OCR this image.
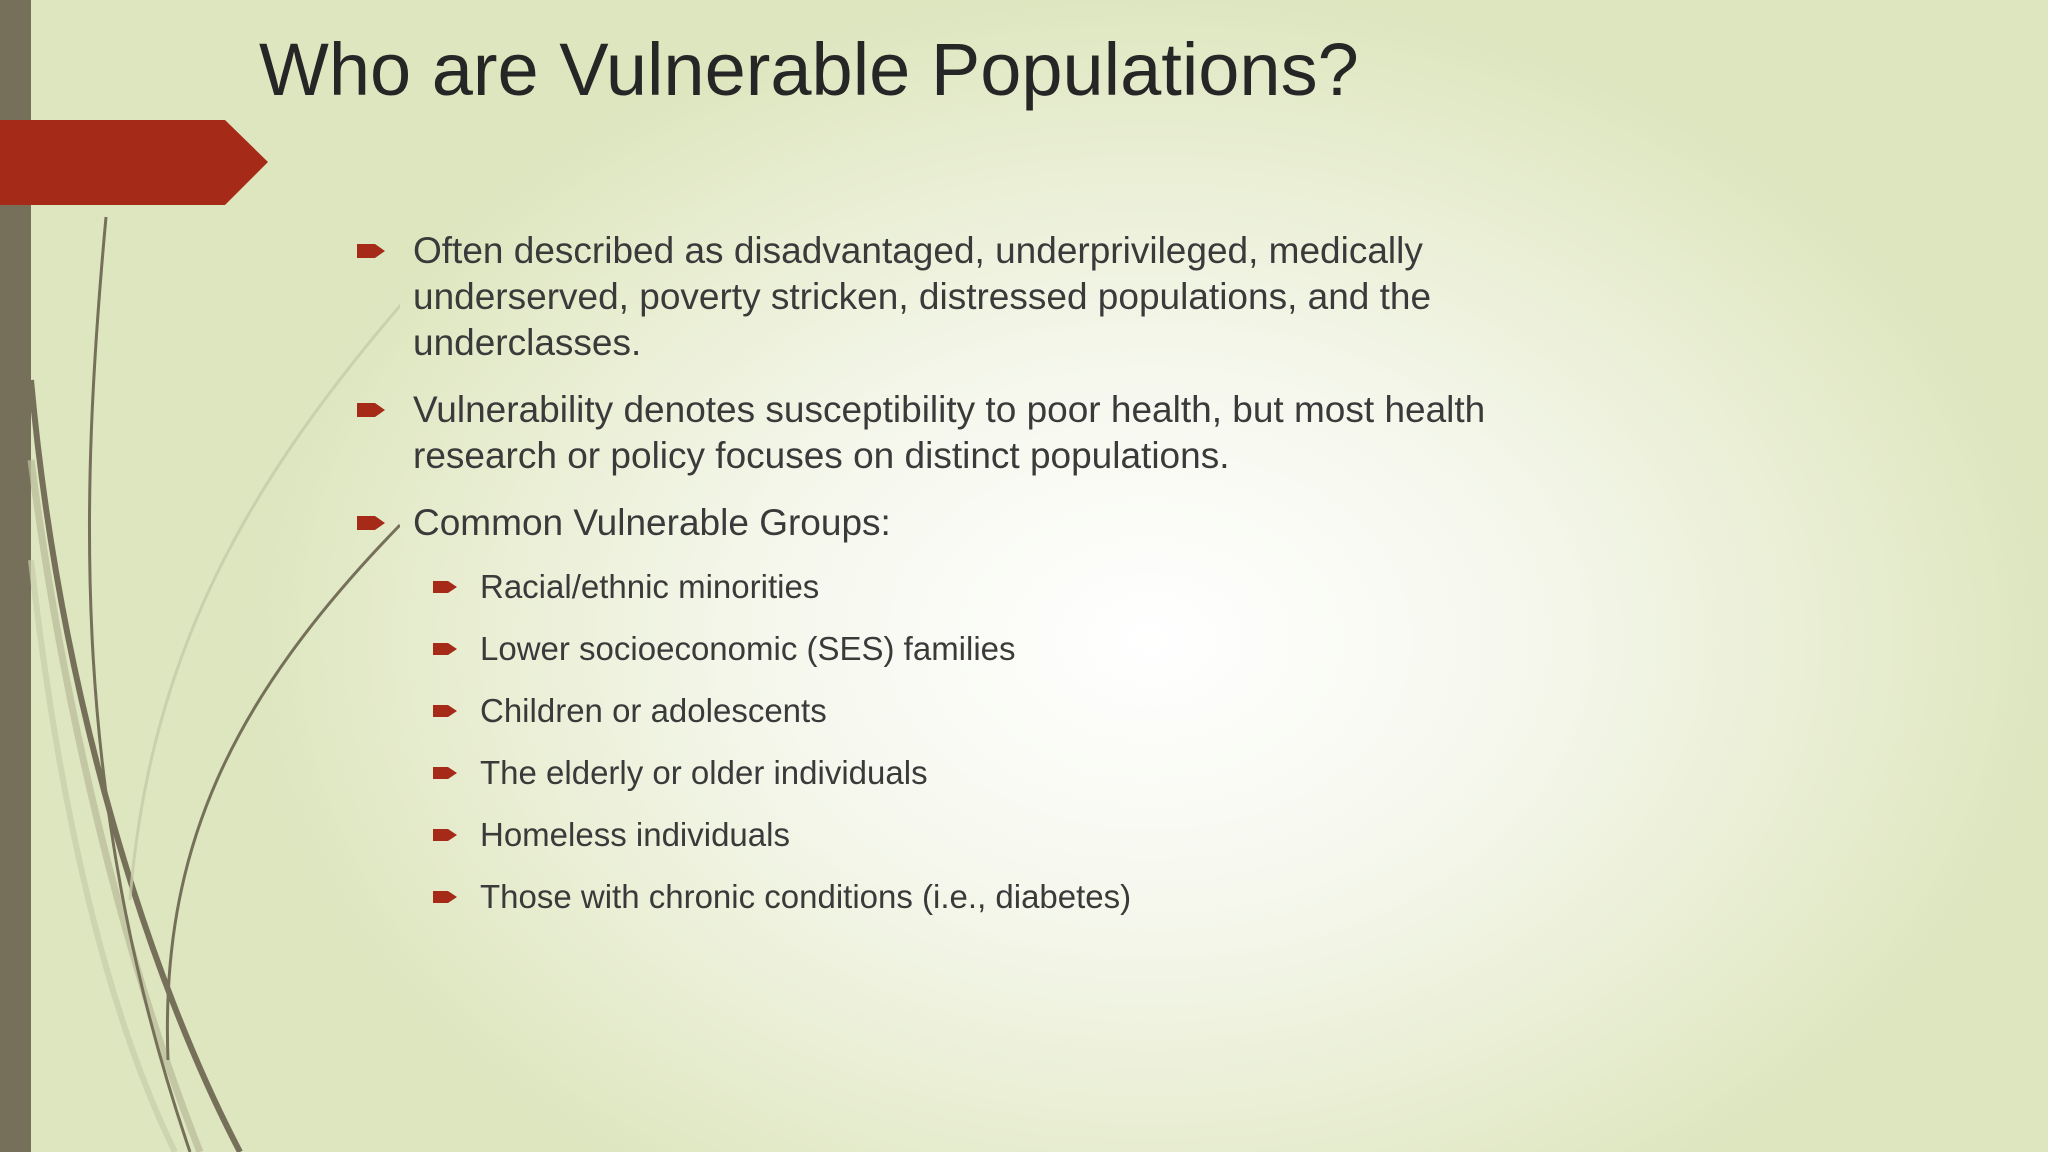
Who are Vulnerable Populations?
Often described as disadvantaged, underprivileged, medically underserved, poverty stricken, distressed populations, and the underclasses.
Vulnerability denotes susceptibility to poor health, but most health research or policy focuses on distinct populations.
Common Vulnerable Groups:
Racial/ethnic minorities
Lower socioeconomic (SES) families
Children or adolescents
The elderly or older individuals
Homeless individuals
Those with chronic conditions (i.e., diabetes)
